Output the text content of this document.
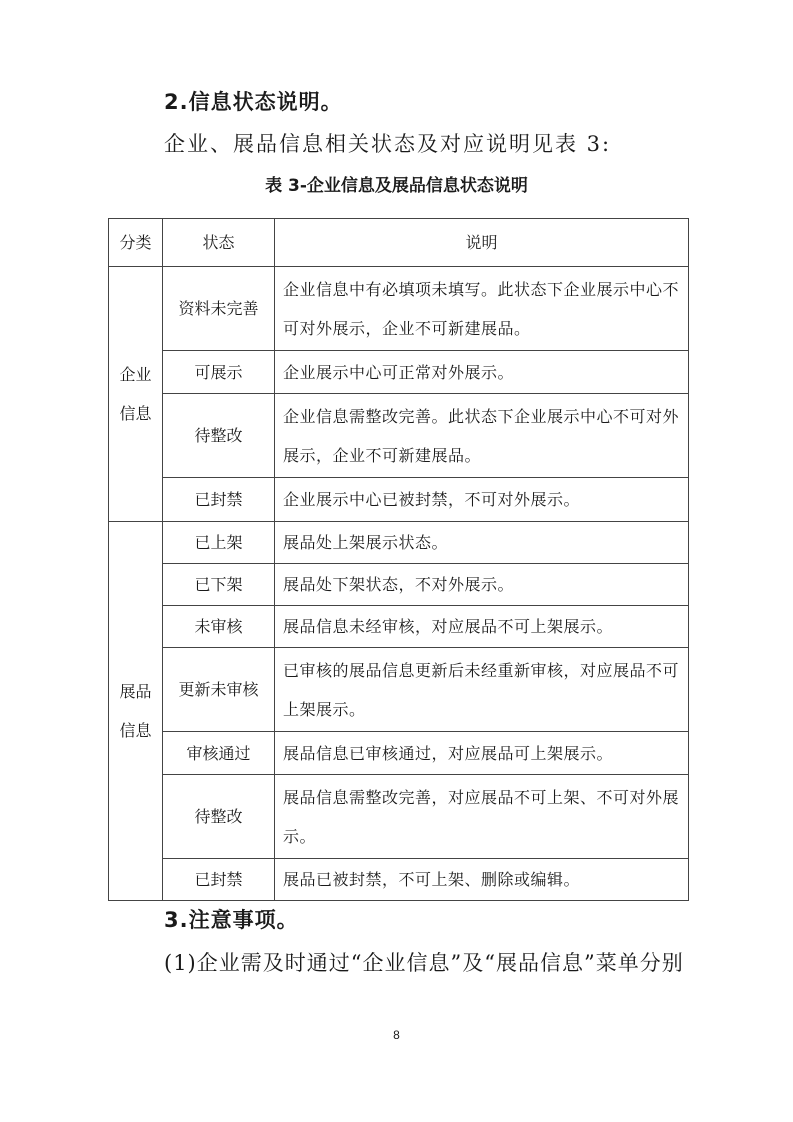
2.信息状态说明。
企业、展品信息相关状态及对应说明见表 3:
表 3-企业信息及展品信息状态说明
分类	状态	说明
企业信息	资料未完善	企业信息中有必填项未填写。此状态下企业展示中心不可对外展示，企业不可新建展品。
	可展示	企业展示中心可正常对外展示。
	待整改	企业信息需整改完善。此状态下企业展示中心不可对外展示，企业不可新建展品。
	已封禁	企业展示中心已被封禁，不可对外展示。
展品信息	已上架	展品处上架展示状态。
	已下架	展品处下架状态，不对外展示。
	未审核	展品信息未经审核，对应展品不可上架展示。
	更新未审核	已审核的展品信息更新后未经重新审核，对应展品不可上架展示。
	审核通过	展品信息已审核通过，对应展品可上架展示。
	待整改	展品信息需整改完善，对应展品不可上架、不可对外展示。
	已封禁	展品已被封禁，不可上架、删除或编辑。
3.注意事项。
(1)企业需及时通过“企业信息”及“展品信息”菜单分别
8
